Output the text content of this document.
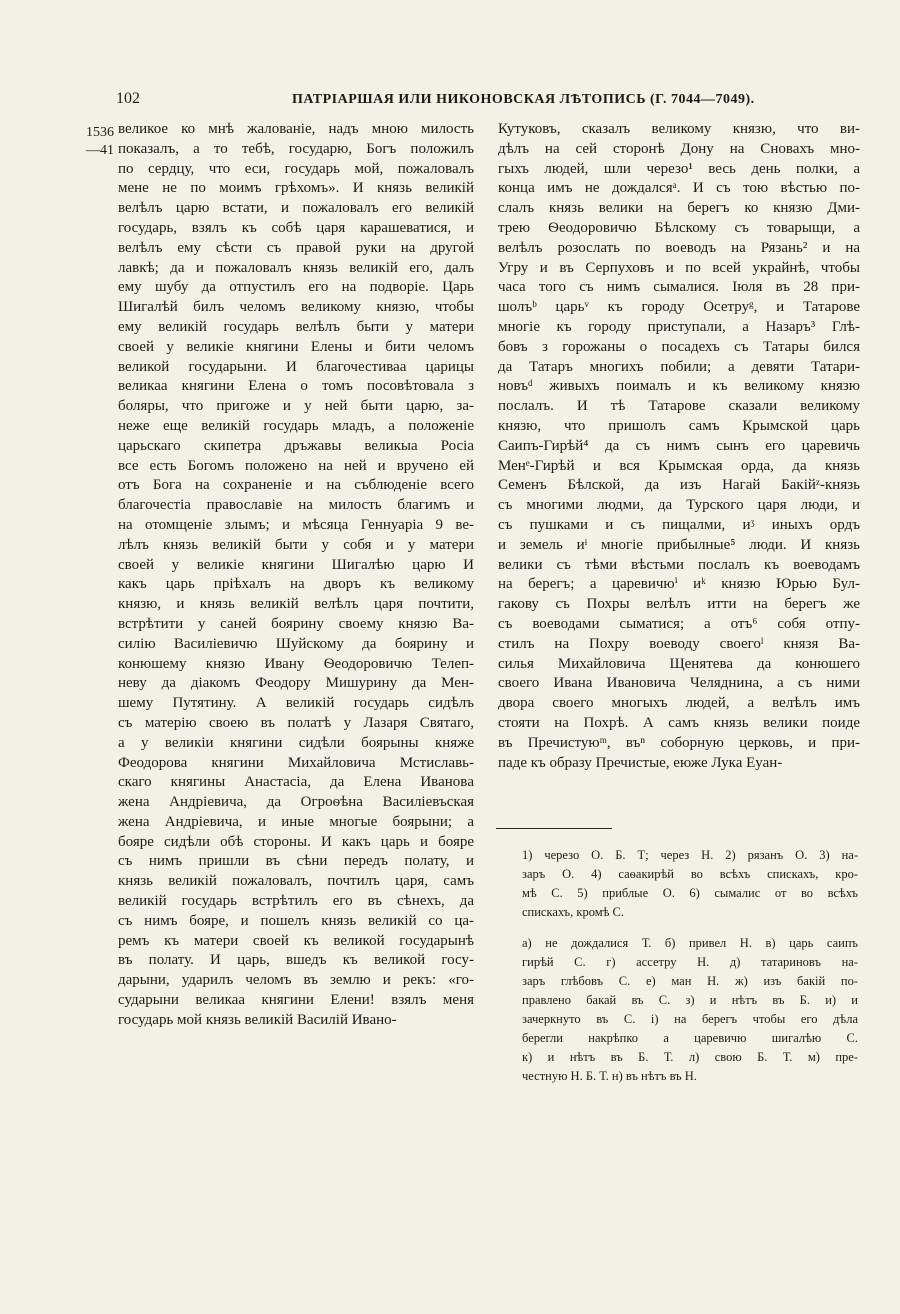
102	ПАТРІАРШАЯ ИЛИ НИКОНОВСКАЯ ЛѢТОПИСЬ (Г. 7044—7049).
1536
—41
великое ко мнѣ жалованіе, надъ мною милость
показалъ, а то тебѣ, государю, Богъ положилъ
по сердцу, что еси, государь мой, пожаловалъ
мене не по моимъ грѣхомъ». И князь великій
велѣлъ царю встати, и пожаловалъ его великій
государь, взялъ къ собѣ царя карашеватися, и
велѣлъ ему сѣсти съ правой руки на другой
лавкѣ; да и пожаловалъ князь великій его, далъ
ему шубу да отпустилъ его на подворіе. Царь
Шигалѣй билъ челомъ великому князю, чтобы
ему великій государь велѣлъ быти у матери
своей у великіе княгини Елены и бити челомъ
великой государыни. И благочестиваа царицы
великаа княгини Елена о томъ посовѣтовала з
боляры, что пригоже и у ней быти царю, за-
неже еще великій государь младъ, а положеніе
царьскаго скипетра дръжавы великыа Росіа
все есть Богомъ положено на ней и вручено ей
отъ Бога на сохраненіе и на съблюденіе всего
благочестіа православіе на милость благимъ и
на отомщеніе злымъ; и мѣсяца Геннуаріа 9 ве-
лѣлъ князь великій быти у собя и у матери
своей у великіе княгини Шигалѣю царю И
какъ царь пріѣхалъ на дворъ къ великому
князю, и князь великій велѣлъ царя почтити,
встрѣтити у саней боярину своему князю Ва-
силію Василіевичю Шуйскому да боярину и
конюшему князю Ивану Ѳеодоровичю Телеп-
неву да діакомъ Феодору Мишурину да Мен-
шему Путятину. А великій государь сидѣлъ
съ матерію своею въ полатѣ у Лазаря Святаго,
а у великіи княгини сидѣли боярыны княже
Феодорова княгини Михайловича Мстиславь-
скаго княгины Анастасіа, да Елена Ивановa
жена Андріевича, да Огроѳѣна Василіевъская
жена Андріевича, и иные многые боярыни; а
бояре сидѣли обѣ стороны. И какъ царь и бояре
съ нимъ пришли въ сѣни передъ полату, и
князь великій пожаловалъ, почтилъ царя, самъ
великій государь встрѣтилъ его въ сѣнехъ, да
съ нимъ бояре, и пошелъ князь великій со ца-
ремъ къ матери своей къ великой государынѣ
въ полату. И царь, вшедъ къ великой госу-
дарыни, ударилъ челомъ въ землю и рекъ: «го-
сударыни великаа княгини Елени! взялъ меня
государь мой князь великій Василій Ивано-
Кутуковъ, сказалъ великому князю, что ви-
дѣлъ на сей сторонѣ Дону на Сновахъ мно-
гыхъ людей, шли черезо¹ весь день полки, а
конца имъ не дождалсяᵃ. И съ тою вѣстью по-
слалъ князь велики на берегъ ко князю Дми-
трею Ѳеодоровичю Бѣлскому съ товарыщи, а
велѣлъ розослать по воеводъ на Рязань² и на
Угру и въ Серпуховъ и по всей украйнѣ, чтобы
часа того съ нимъ сымалися. Іюля въ 28 при-
шолъᵇ царьᵛ къ городу Осетруᵍ, и Татарове
многіе къ городу приступали, а Назаръ³ Глѣ-
бовъ з горожаны о посадехъ съ Татары бился
да Татаръ многихъ побили; а девяти Татари-
новъᵈ живыхъ поималъ и къ великому князю
послалъ. И тѣ Татарове сказали великому
князю, что пришолъ самъ Крымской царь
Саипъ-Гирѣй⁴ да съ нимъ сынъ его царевичь
Менᵉ-Гирѣй и вся Крымская орда, да князь
Семенъ Бѣлской, да изъ Нагай Бакійᶻ-князь
съ многими людми, да Турского царя люди, и
съ пушками и съ пищалми, иᶾ иныхъ ордъ
и земель иᶤ многіе прибылные⁵ люди. И князь
велики съ тѣми вѣстьми послалъ къ воеводамъ
на берегъ; а царевичюⁱ иᵏ князю Юрью Бул-
гакову съ Похры велѣлъ итти на берегъ же
съ воеводами сыматися; а отъ⁶ собя отпу-
стилъ на Похру воеводу своегоˡ князя Ва-
силья Михайловича Щенятева да конюшего
своего Ивана Ивановича Челяднина, а съ ними
двора своего многыхъ людей, а велѣлъ имъ
стояти на Похрѣ. А самъ князь велики поиде
въ Пречистуюᵐ, въⁿ соборную церковь, и при-
паде къ образу Пречистые, еюже Лука Еуан-
1) черезо О. Б. Т; через Н. 2) рязанъ О. 3) на-
заръ О. 4) саѳакирѣй во всѣхъ спискахъ, кро-
мѣ С. 5) приблые О. 6) сымалис от во всѣхъ
спискахъ, кромѣ С.
а) не дождалися Т. б) привел Н. в) царь саипъ
гирѣй С. г) ассетру Н. д) татариновъ на-
заръ глѣбовъ С. е) ман Н. ж) изъ бакій по-
правлено бакай въ С. з) и нѣтъ въ Б. и) и
зачеркнуто въ С. і) на берегъ чтобы его дѣла
берегли накрѣпко а царевичю шигалѣю С.
к) и нѣтъ въ Б. Т. л) свою Б. Т. м) пре-
честную Н. Б. Т. н) въ нѣтъ въ Н.
